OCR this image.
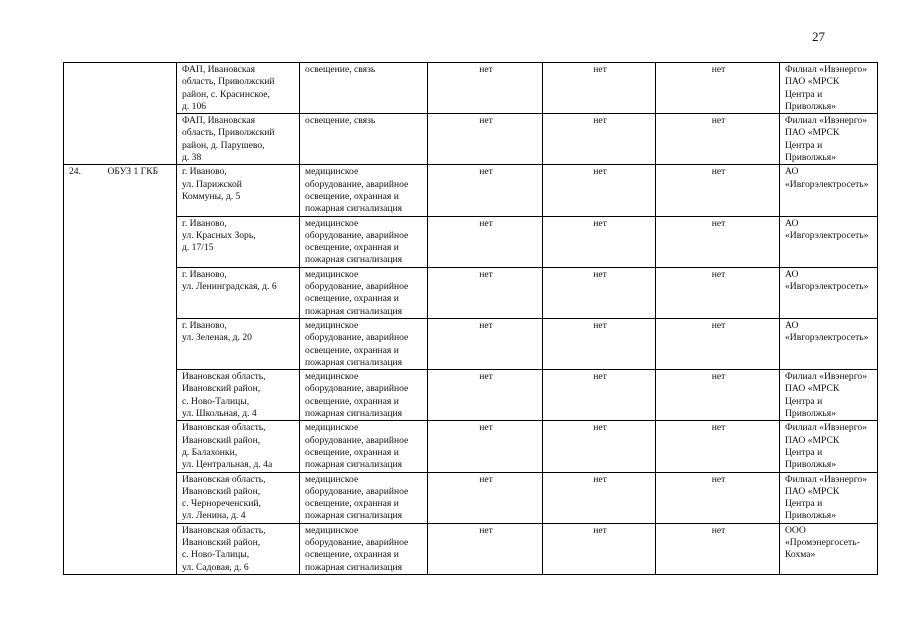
27
		ФАП, Ивановская
область, Приволжский
район, с. Красинское,
д. 106	освещение, связь	нет	нет	нет	Филиал «Ивэнерго»
ПАО «МРСК
Центра и
Приволжья»
		ФАП, Ивановская
область, Приволжский
район, д. Парушево,
д. 38	освещение, связь	нет	нет	нет	Филиал «Ивэнерго»
ПАО «МРСК
Центра и
Приволжья»
24.	ОБУЗ 1 ГКБ	г. Иваново,
ул. Парижской
Коммуны, д. 5	медицинское
оборудование, аварийное
освещение, охранная и
пожарная сигнализация	нет	нет	нет	АО
«Ивгорэлектросеть»
		г. Иваново,
ул. Красных Зорь,
д. 17/15	медицинское
оборудование, аварийное
освещение, охранная и
пожарная сигнализация	нет	нет	нет	АО
«Ивгорэлектросеть»
		г. Иваново,
ул. Ленинградская, д. 6	медицинское
оборудование, аварийное
освещение, охранная и
пожарная сигнализация	нет	нет	нет	АО
«Ивгорэлектросеть»
		г. Иваново,
ул. Зеленая, д. 20	медицинское
оборудование, аварийное
освещение, охранная и
пожарная сигнализация	нет	нет	нет	АО
«Ивгорэлектросеть»
		Ивановская область,
Ивановский район,
с. Ново-Талицы,
ул. Школьная, д. 4	медицинское
оборудование, аварийное
освещение, охранная и
пожарная сигнализация	нет	нет	нет	Филиал «Ивэнерго»
ПАО «МРСК
Центра и
Приволжья»
		Ивановская область,
Ивановский район,
д. Балахонки,
ул. Центральная, д. 4а	медицинское
оборудование, аварийное
освещение, охранная и
пожарная сигнализация	нет	нет	нет	Филиал «Ивэнерго»
ПАО «МРСК
Центра и
Приволжья»
		Ивановская область,
Ивановский район,
с. Чернореченский,
ул. Ленина, д. 4	медицинское
оборудование, аварийное
освещение, охранная и
пожарная сигнализация	нет	нет	нет	Филиал «Ивэнерго»
ПАО «МРСК
Центра и
Приволжья»
		Ивановская область,
Ивановский район,
с. Ново-Талицы,
ул. Садовая, д. 6	медицинское
оборудование, аварийное
освещение, охранная и
пожарная сигнализация	нет	нет	нет	ООО
«Промэнергосеть-
Кохма»
